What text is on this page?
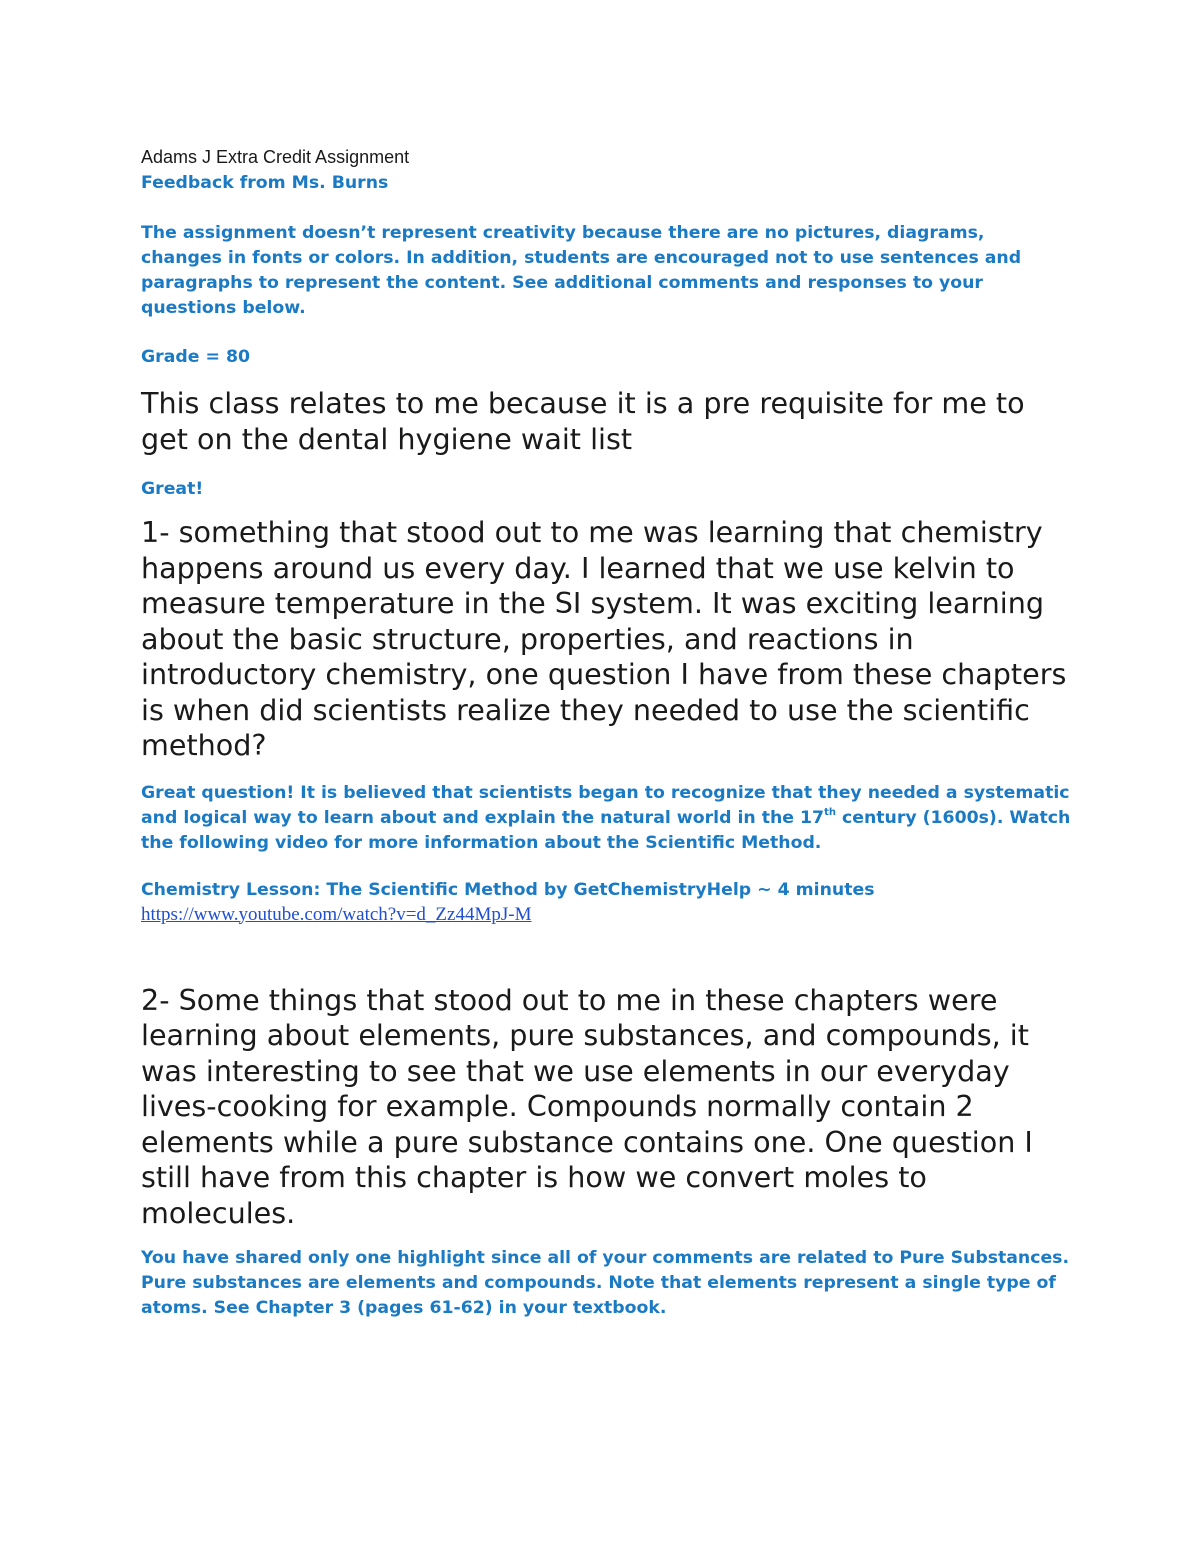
Adams J Extra Credit Assignment

Feedback from Ms. Burns

The assignment doesn’t represent creativity because there are no pictures, diagrams, changes in fonts or colors. In addition, students are encouraged not to use sentences and paragraphs to represent the content. See additional comments and responses to your questions below.

Grade = 80

This class relates to me because it is a pre requisite for me to get on the dental hygiene wait list

Great!

1- something that stood out to me was learning that chemistry happens around us every day. I learned that we use kelvin to measure temperature in the SI system. It was exciting learning about the basic structure, properties, and reactions in introductory chemistry, one question I have from these chapters is when did scientists realize they needed to use the scientific method?

Great question! It is believed that scientists began to recognize that they needed a systematic and logical way to learn about and explain the natural world in the 17th century (1600s). Watch the following video for more information about the Scientific Method.

Chemistry Lesson: The Scientific Method by GetChemistryHelp ~ 4 minutes

https://www.youtube.com/watch?v=d_Zz44MpJ-M

2- Some things that stood out to me in these chapters were learning about elements, pure substances, and compounds, it was interesting to see that we use elements in our everyday lives-cooking for example. Compounds normally contain 2 elements while a pure substance contains one. One question I still have from this chapter is how we convert moles to molecules.

You have shared only one highlight since all of your comments are related to Pure Substances. Pure substances are elements and compounds. Note that elements represent a single type of atoms. See Chapter 3 (pages 61-62) in your textbook.
